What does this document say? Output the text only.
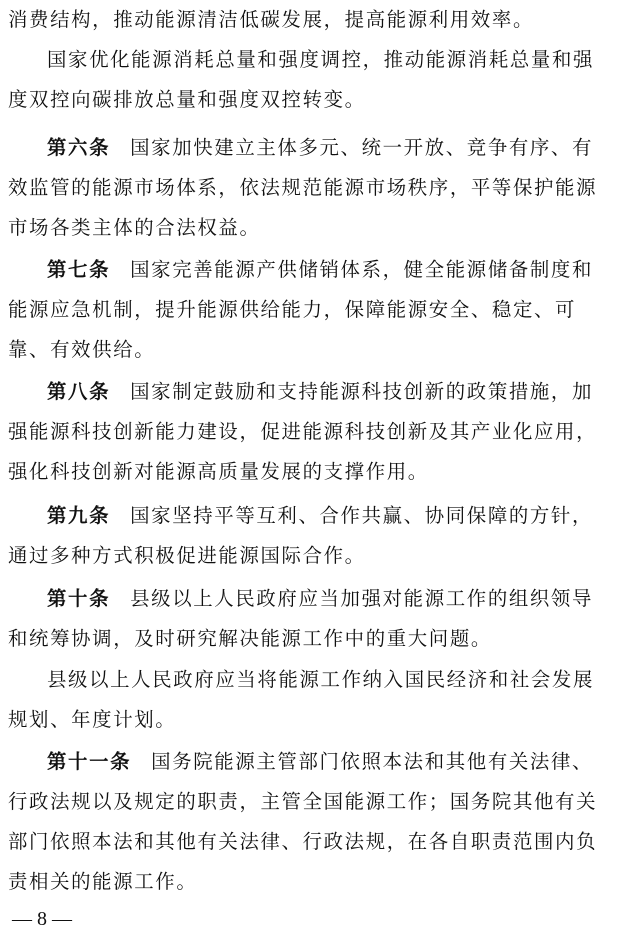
消费结构，推动能源清洁低碳发展，提高能源利用效率。
国家优化能源消耗总量和强度调控，推动能源消耗总量和强
度双控向碳排放总量和强度双控转变。
第六条 国家加快建立主体多元、统一开放、竞争有序、有
效监管的能源市场体系，依法规范能源市场秩序，平等保护能源
市场各类主体的合法权益。
第七条 国家完善能源产供储销体系，健全能源储备制度和
能源应急机制，提升能源供给能力，保障能源安全、稳定、可
靠、有效供给。
第八条 国家制定鼓励和支持能源科技创新的政策措施，加
强能源科技创新能力建设，促进能源科技创新及其产业化应用，
强化科技创新对能源高质量发展的支撑作用。
第九条 国家坚持平等互利、合作共赢、协同保障的方针，
通过多种方式积极促进能源国际合作。
第十条 县级以上人民政府应当加强对能源工作的组织领导
和统筹协调，及时研究解决能源工作中的重大问题。
县级以上人民政府应当将能源工作纳入国民经济和社会发展
规划、年度计划。
第十一条 国务院能源主管部门依照本法和其他有关法律、
行政法规以及规定的职责，主管全国能源工作；国务院其他有关
部门依照本法和其他有关法律、行政法规，在各自职责范围内负
责相关的能源工作。
— 8 —
